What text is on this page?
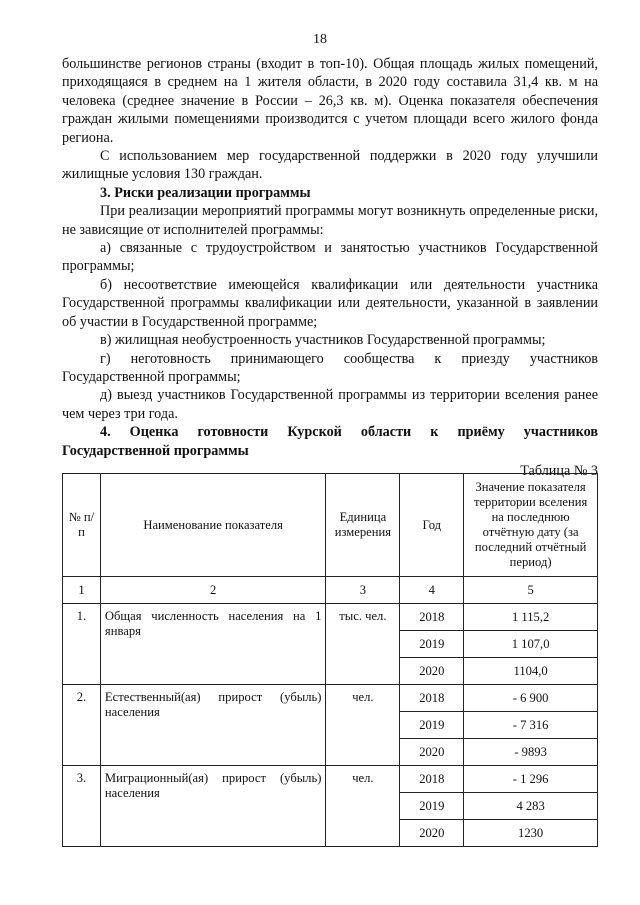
18

большинстве регионов страны (входит в топ-10). Общая площадь жилых помещений, приходящаяся в среднем на 1 жителя области, в 2020 году составила 31,4 кв. м на человека (среднее значение в России – 26,3 кв. м). Оценка показателя обеспечения граждан жилыми помещениями производится с учетом площади всего жилого фонда региона.

С использованием мер государственной поддержки в 2020 году улучшили жилищные условия 130 граждан.

3. Риски реализации программы

При реализации мероприятий программы могут возникнуть определенные риски, не зависящие от исполнителей программы:

а) связанные с трудоустройством и занятостью участников Государственной программы;

б) несоответствие имеющейся квалификации или деятельности участника Государственной программы квалификации или деятельности, указанной в заявлении об участии в Государственной программе;

в) жилищная необустроенность участников Государственной программы;

г) неготовность принимающего сообщества к приезду участников Государственной программы;

д) выезд участников Государственной программы из территории вселения ранее чем через три года.

4. Оценка готовности Курской области к приёму участников Государственной программы

Таблица № 3

№ п/п	Наименование показателя	Единица измерения	Год	Значение показателя территории вселения на последнюю отчётную дату (за последний отчётный период)
1	2	3	4	5
1.	Общая численность населения на 1 января	тыс. чел.	2018	1 115,2
			2019	1 107,0
			2020	1104,0
2.	Естественный(ая) прирост (убыль) населения	чел.	2018	- 6 900
			2019	- 7 316
			2020	- 9893
3.	Миграционный(ая) прирост (убыль) населения	чел.	2018	- 1 296
			2019	4 283
			2020	1230
